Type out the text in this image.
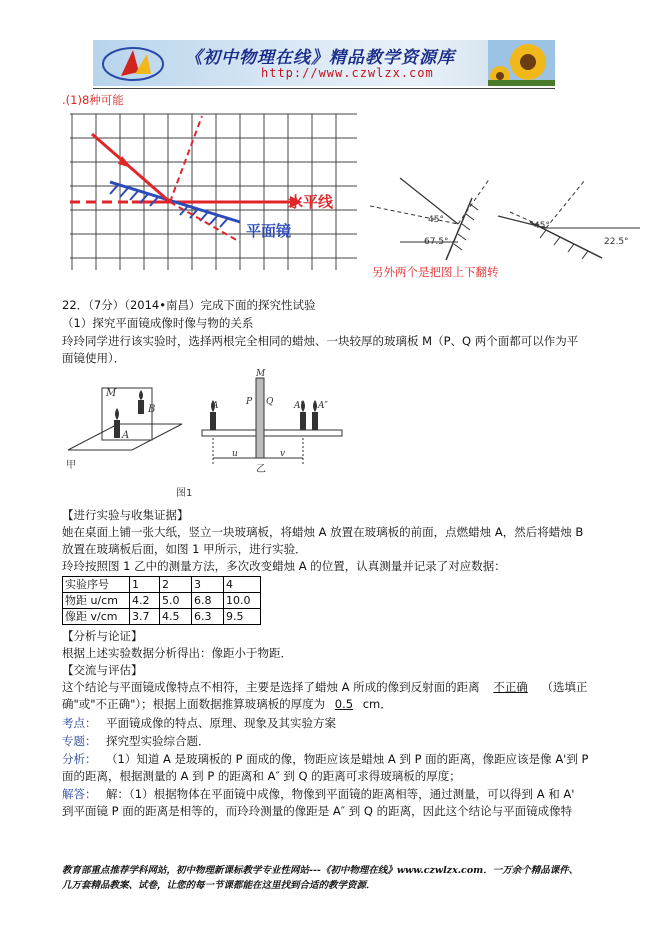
《初中物理在线》精品教学资源库
http://www.czwlzx.com
.(1)8种可能
水平线
平面镜
45°
67.5°
45°
22.5°
另外两个是把图上下翻转
22．（7分）（2014•南昌）完成下面的探究性试验
（1）探究平面镜成像时像与物的关系
玲玲同学进行该实验时，选择两根完全相同的蜡烛、一块较厚的玻璃板 M（P、Q 两个面都可以作为平
面镜使用）．
M
B
A
甲
M
A	P Q A' A″
u	v
乙
图1
【进行实验与收集证据】
她在桌面上铺一张大纸，竖立一块玻璃板，将蜡烛 A 放置在玻璃板的前面，点燃蜡烛 A，然后将蜡烛 B
放置在玻璃板后面，如图 1 甲所示，进行实验．
玲玲按照图 1 乙中的测量方法，多次改变蜡烛 A 的位置，认真测量并记录了对应数据：
实验序号	1	2	3	4
物距 u/cm	4.2	5.0	6.8	10.0
像距 v/cm	3.7	4.5	6.3	9.5
【分析与论证】
根据上述实验数据分析得出：像距小于物距．
【交流与评估】
这个结论与平面镜成像特点不相符，主要是选择了蜡烛 A 所成的像到反射面的距离 不正确 （选填正
确"或"不正确"）；根据上面数据推算玻璃板的厚度为 0.5 cm．
考点： 平面镜成像的特点、原理、现象及其实验方案
专题： 探究型实验综合题．
分析： （1）知道 A 是玻璃板的 P 面成的像，物距应该是蜡烛 A 到 P 面的距离，像距应该是像 A'到 P
面的距离，根据测量的 A 到 P 的距离和 A″ 到 Q 的距离可求得玻璃板的厚度；
解答： 解：（1）根据物体在平面镜中成像，物像到平面镜的距离相等，通过测量，可以得到 A 和 A'
到平面镜 P 面的距离是相等的，而玲玲测量的像距是 A″ 到 Q 的距离，因此这个结论与平面镜成像特
教育部重点推荐学科网站，初中物理新课标教学专业性网站---《初中物理在线》www.czwlzx.com．一万余个精品课件、
几万套精品教案、试卷，让您的每一节课都能在这里找到合适的教学资源．
